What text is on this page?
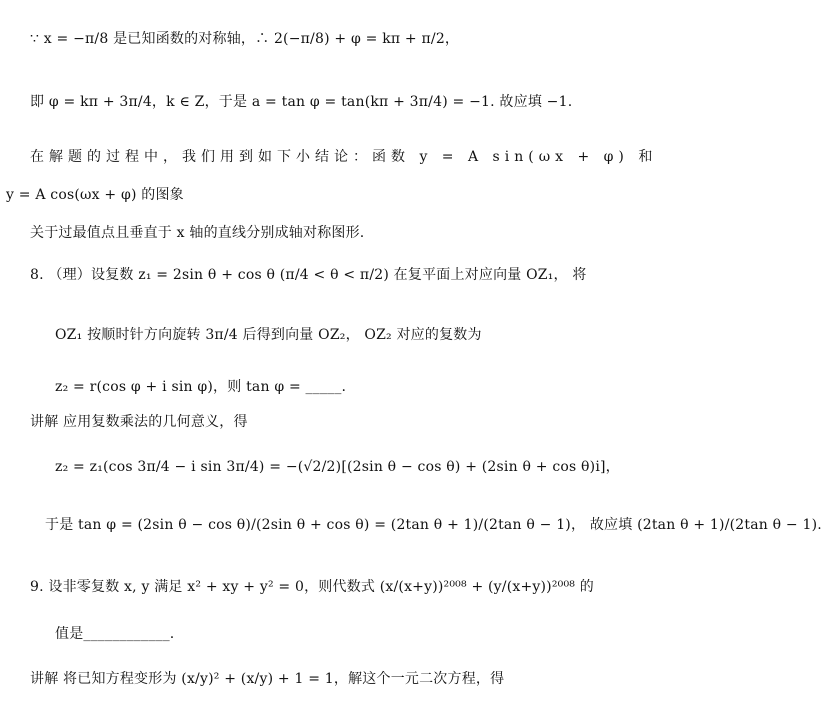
∵ x = −π/8 是已知函数的对称轴，∴ 2(−π/8) + φ = kπ + π/2，
即 φ = kπ + 3π/4，k ∈ Z，于是 a = tan φ = tan(kπ + 3π/4) = −1. 故应填 −1.
在解题的过程中，我们用到如下小结论：函数 y = A sin(ωx + φ) 和
y = A cos(ωx + φ) 的图象
关于过最值点且垂直于 x 轴的直线分别成轴对称图形.
8. （理）设复数 z₁ = 2sin θ + cos θ (π/4 < θ < π/2) 在复平面上对应向量 OZ₁， 将
OZ₁ 按顺时针方向旋转 3π/4 后得到向量 OZ₂， OZ₂ 对应的复数为
z₂ = r(cos φ + i sin φ)，则 tan φ = _____.
讲解 应用复数乘法的几何意义，得
z₂ = z₁(cos 3π/4 − i sin 3π/4) = −(√2/2)[(2sin θ − cos θ) + (2sin θ + cos θ)i]，
于是 tan φ = (2sin θ − cos θ)/(2sin θ + cos θ) = (2tan θ + 1)/(2tan θ − 1)， 故应填 (2tan θ + 1)/(2tan θ − 1).
9. 设非零复数 x, y 满足 x² + xy + y² = 0，则代数式 (x/(x+y))²⁰⁰⁸ + (y/(x+y))²⁰⁰⁸ 的
值是____________.
讲解 将已知方程变形为 (x/y)² + (x/y) + 1 = 1，解这个一元二次方程，得
